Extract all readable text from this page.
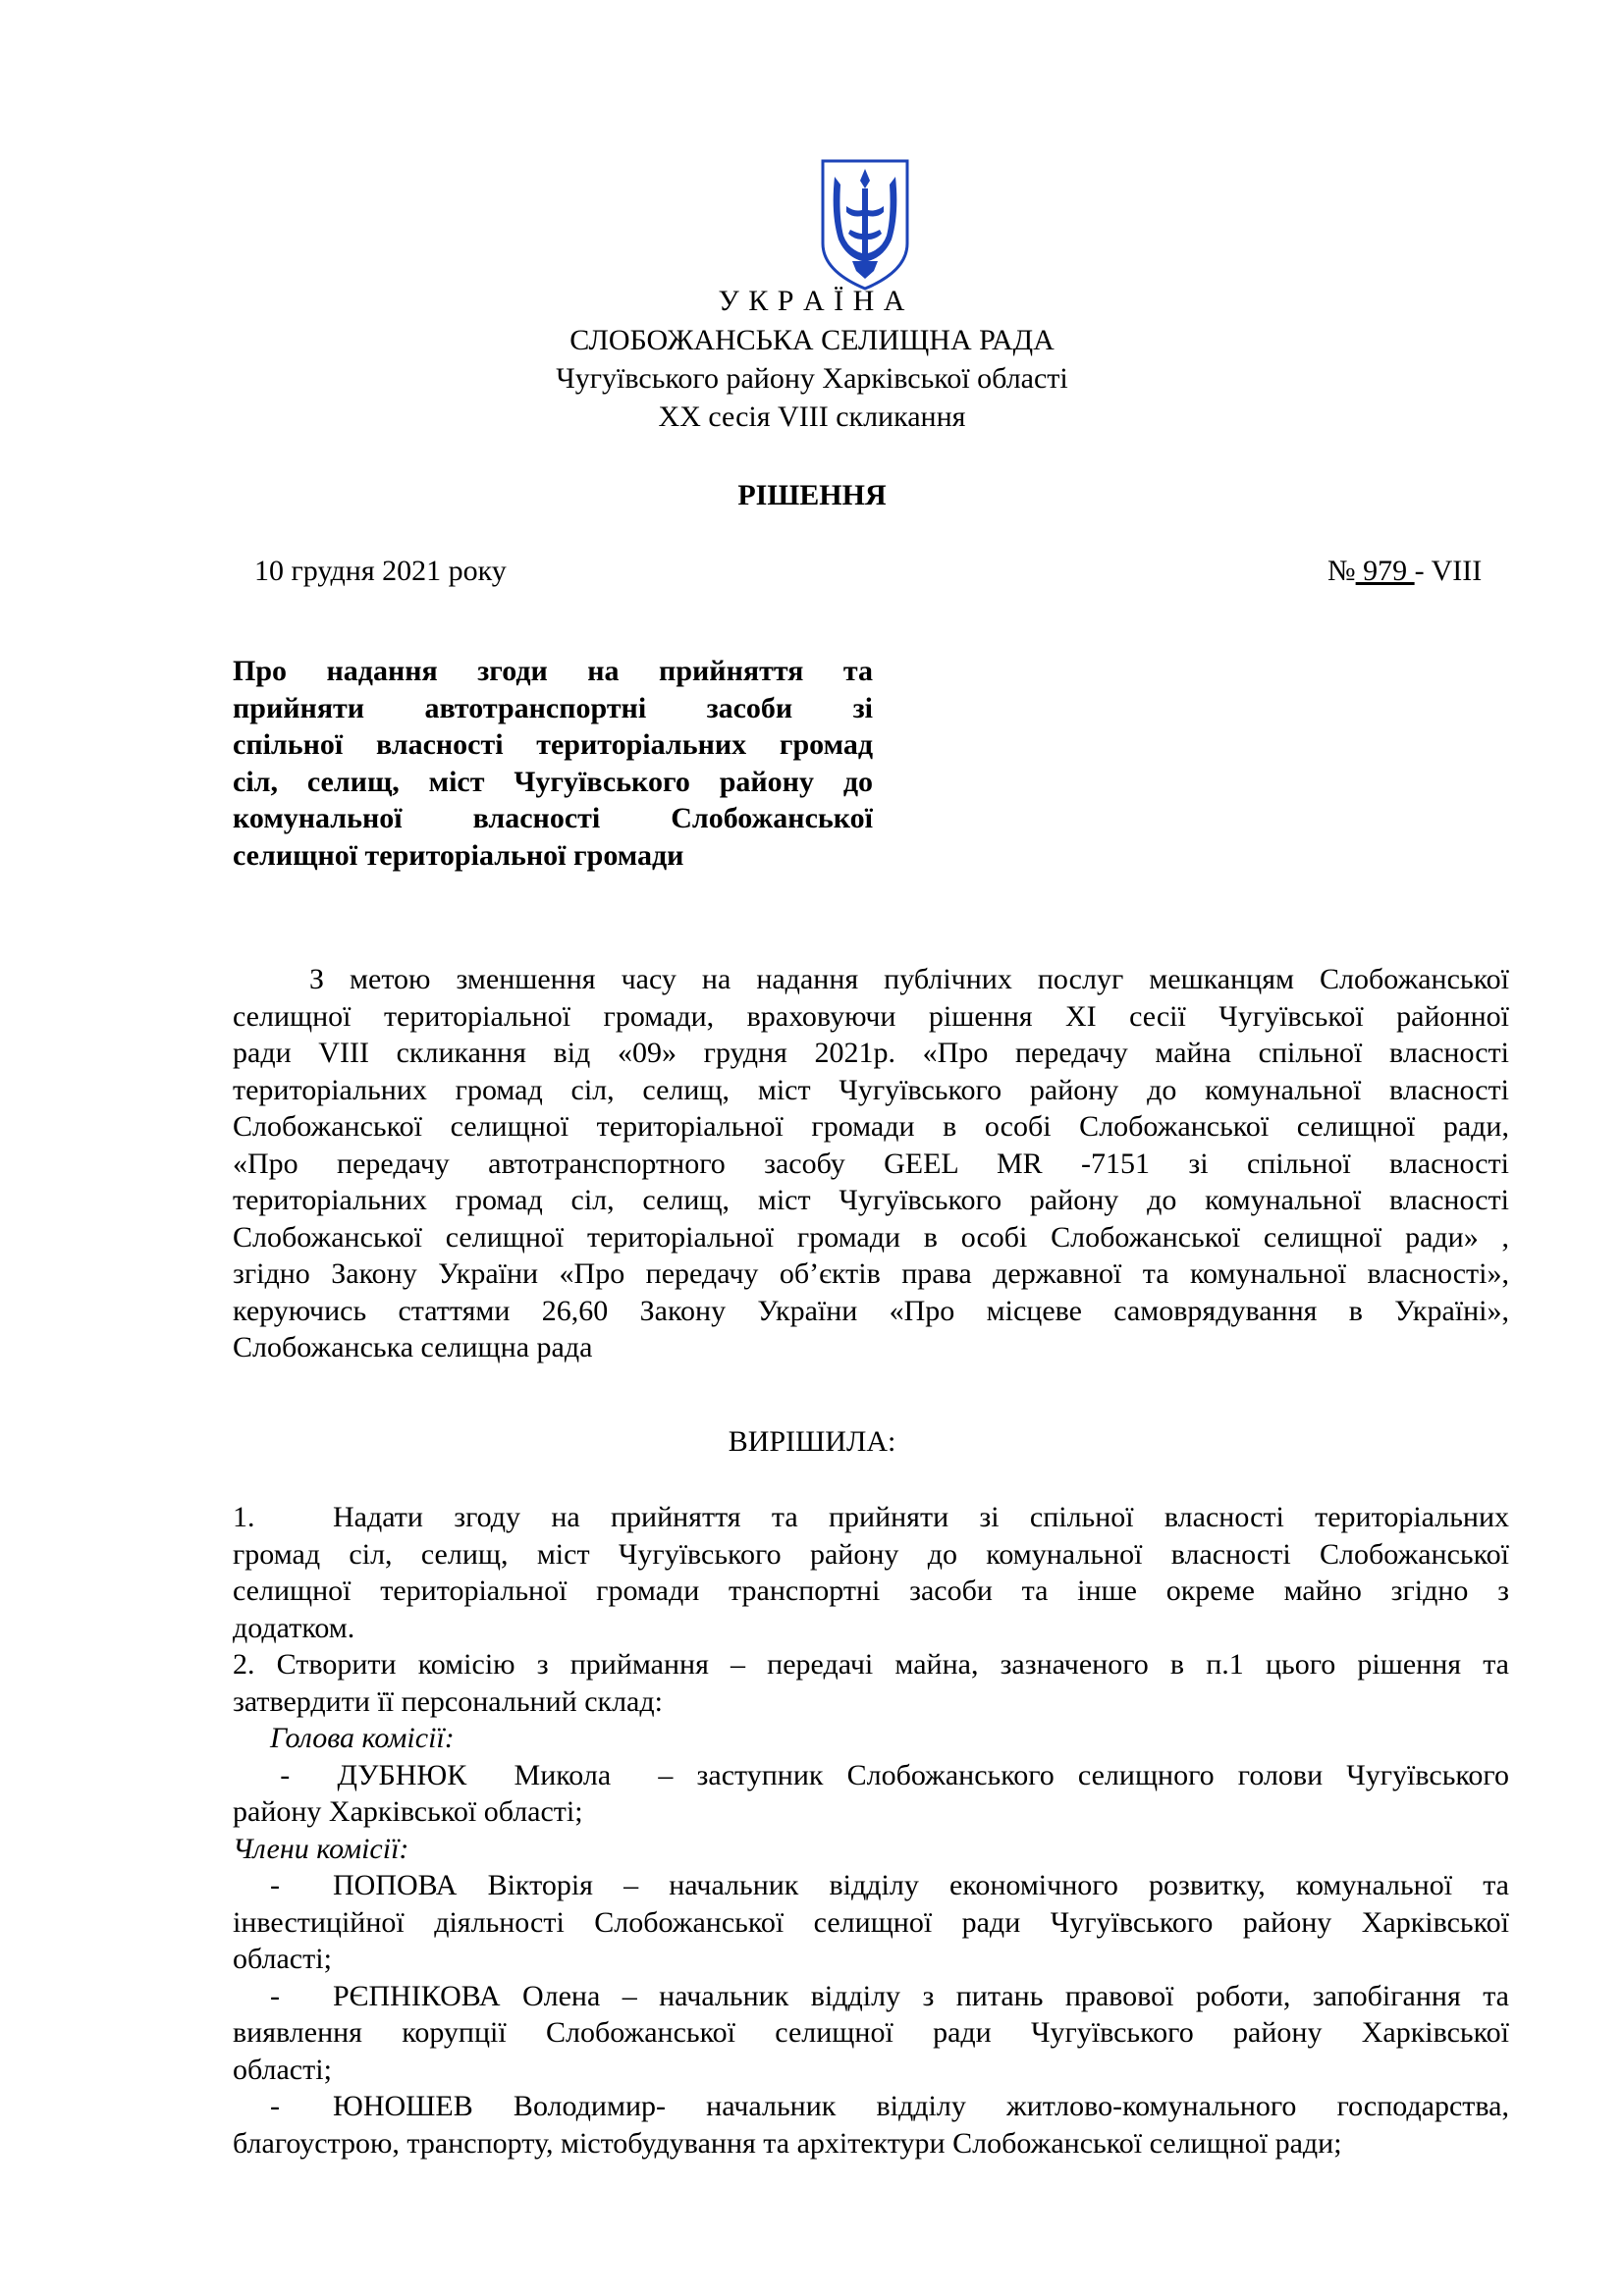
У К Р А Ї Н А
СЛОБОЖАНСЬКА СЕЛИЩНА РАДА
Чугуївського району Харківської області
XX сесія VIII скликання
РІШЕННЯ
10 грудня 2021 року	№ 979 - VIII
Про надання згоди на прийняття та
прийняти автотранспортні засоби зі
спільної власності територіальних громад
сіл, селищ, міст Чугуївського району до
комунальної власності Слобожанської
селищної територіальної громади
З метою зменшення часу на надання публічних послуг мешканцям Слобожанської
селищної територіальної громади, враховуючи рішення XI сесії Чугуївської районної
ради VIII скликання від «09» грудня 2021р. «Про передачу майна спільної власності
територіальних громад сіл, селищ, міст Чугуївського району до комунальної власності
Слобожанської селищної територіальної громади в особі Слобожанської селищної ради,
«Про передачу автотранспортного засобу GEEL MR -7151 зі спільної власності
територіальних громад сіл, селищ, міст Чугуївського району до комунальної власності
Слобожанської селищної територіальної громади в особі Слобожанської селищної ради» ,
згідно Закону України «Про передачу об’єктів права державної та комунальної власності»,
керуючись статтями 26,60 Закону України «Про місцеве самоврядування в Україні»,
Слобожанська селищна рада
ВИРІШИЛА:
1.	Надати згоду на прийняття та прийняти зі спільної власності територіальних
громад сіл, селищ, міст Чугуївського району до комунальної власності Слобожанської
селищної територіальної громади транспортні засоби та інше окреме майно згідно з
додатком.
2. Створити комісію з приймання – передачі майна, зазначеного в п.1 цього рішення та
затвердити її персональний склад:
Голова комісії:
-  ДУБНЮК  Микола  – заступник Слобожанського селищного голови Чугуївського
району Харківської області;
Члени комісії:
-	ПОПОВА Вікторія – начальник відділу економічного розвитку, комунальної та
інвестиційної діяльності Слобожанської селищної ради Чугуївського району Харківської
області;
-	РЄПНІКОВА Олена – начальник відділу з питань правової роботи, запобігання та
виявлення корупції Слобожанської селищної ради Чугуївського району Харківської
області;
-	ЮНОШЕВ Володимир- начальник відділу житлово-комунального господарства,
благоустрою, транспорту, містобудування та архітектури Слобожанської селищної ради;
